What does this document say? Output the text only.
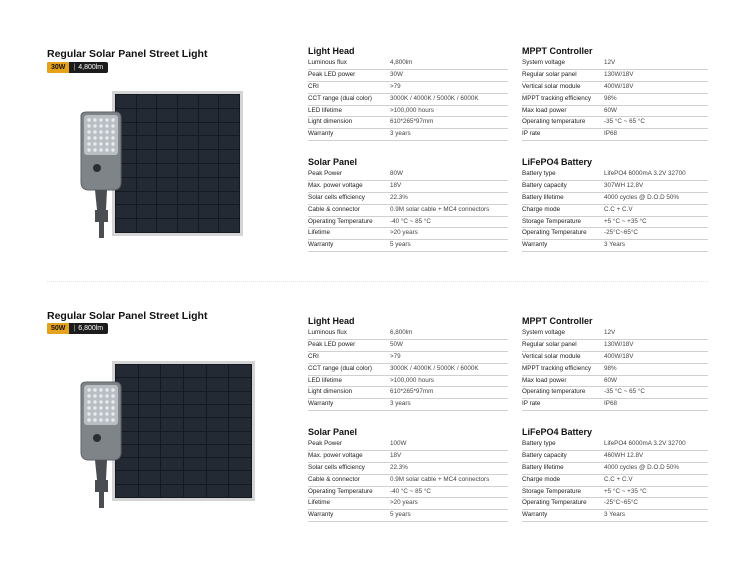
Regular Solar Panel Street Light
30W	| 4,800lm
Light Head
Luminous flux	4,800lm
Peak LED power	30W
CRI	>79
CCT range (dual color)	3000K / 4000K / 5000K / 6000K
LED lifetime	>100,000 hours
Light dimension	610*265*97mm
Warranty	3 years
MPPT Controller
System voltage	12V
Regular solar panel	130W/18V
Vertical solar module	400W/18V
MPPT tracking efficiency	98%
Max load power	60W
Operating temperature	-35 °C ~ 65 °C
IP rate	IP68
Solar Panel
Peak Power	80W
Max. power voltage	18V
Solar cells efficiency	22.3%
Cable & connector	0.9M solar cable + MC4 connectors
Operating Temperature	-40 °C ~ 85 °C
Lifetime	>20 years
Warranty	5 years
LiFePO4 Battery
Battery type	LifePO4 6000mA 3.2V 32700
Battery capacity	307WH 12.8V
Battery lifetime	4000 cycles @ D.O.D 50%
Charge mode	C.C + C.V
Storage Temperature	+5 °C ~ +35 °C
Operating Temperature	-25°C~65°C
Warranty	3 Years
Regular Solar Panel Street Light
50W	| 6,800lm
Light Head
Luminous flux	6,800lm
Peak LED power	50W
CRI	>79
CCT range (dual color)	3000K / 4000K / 5000K / 6000K
LED lifetime	>100,000 hours
Light dimension	610*265*97mm
Warranty	3 years
MPPT Controller
System voltage	12V
Regular solar panel	130W/18V
Vertical solar module	400W/18V
MPPT tracking efficiency	98%
Max load power	60W
Operating temperature	-35 °C ~ 65 °C
IP rate	IP68
Solar Panel
Peak Power	100W
Max. power voltage	18V
Solar cells efficiency	22.3%
Cable & connector	0.9M solar cable + MC4 connectors
Operating Temperature	-40 °C ~ 85 °C
Lifetime	>20 years
Warranty	5 years
LiFePO4 Battery
Battery type	LifePO4 6000mA 3.2V 32700
Battery capacity	460WH 12.8V
Battery lifetime	4000 cycles @ D.O.D 50%
Charge mode	C.C + C.V
Storage Temperature	+5 °C ~ +35 °C
Operating Temperature	-25°C~65°C
Warranty	3 Years
